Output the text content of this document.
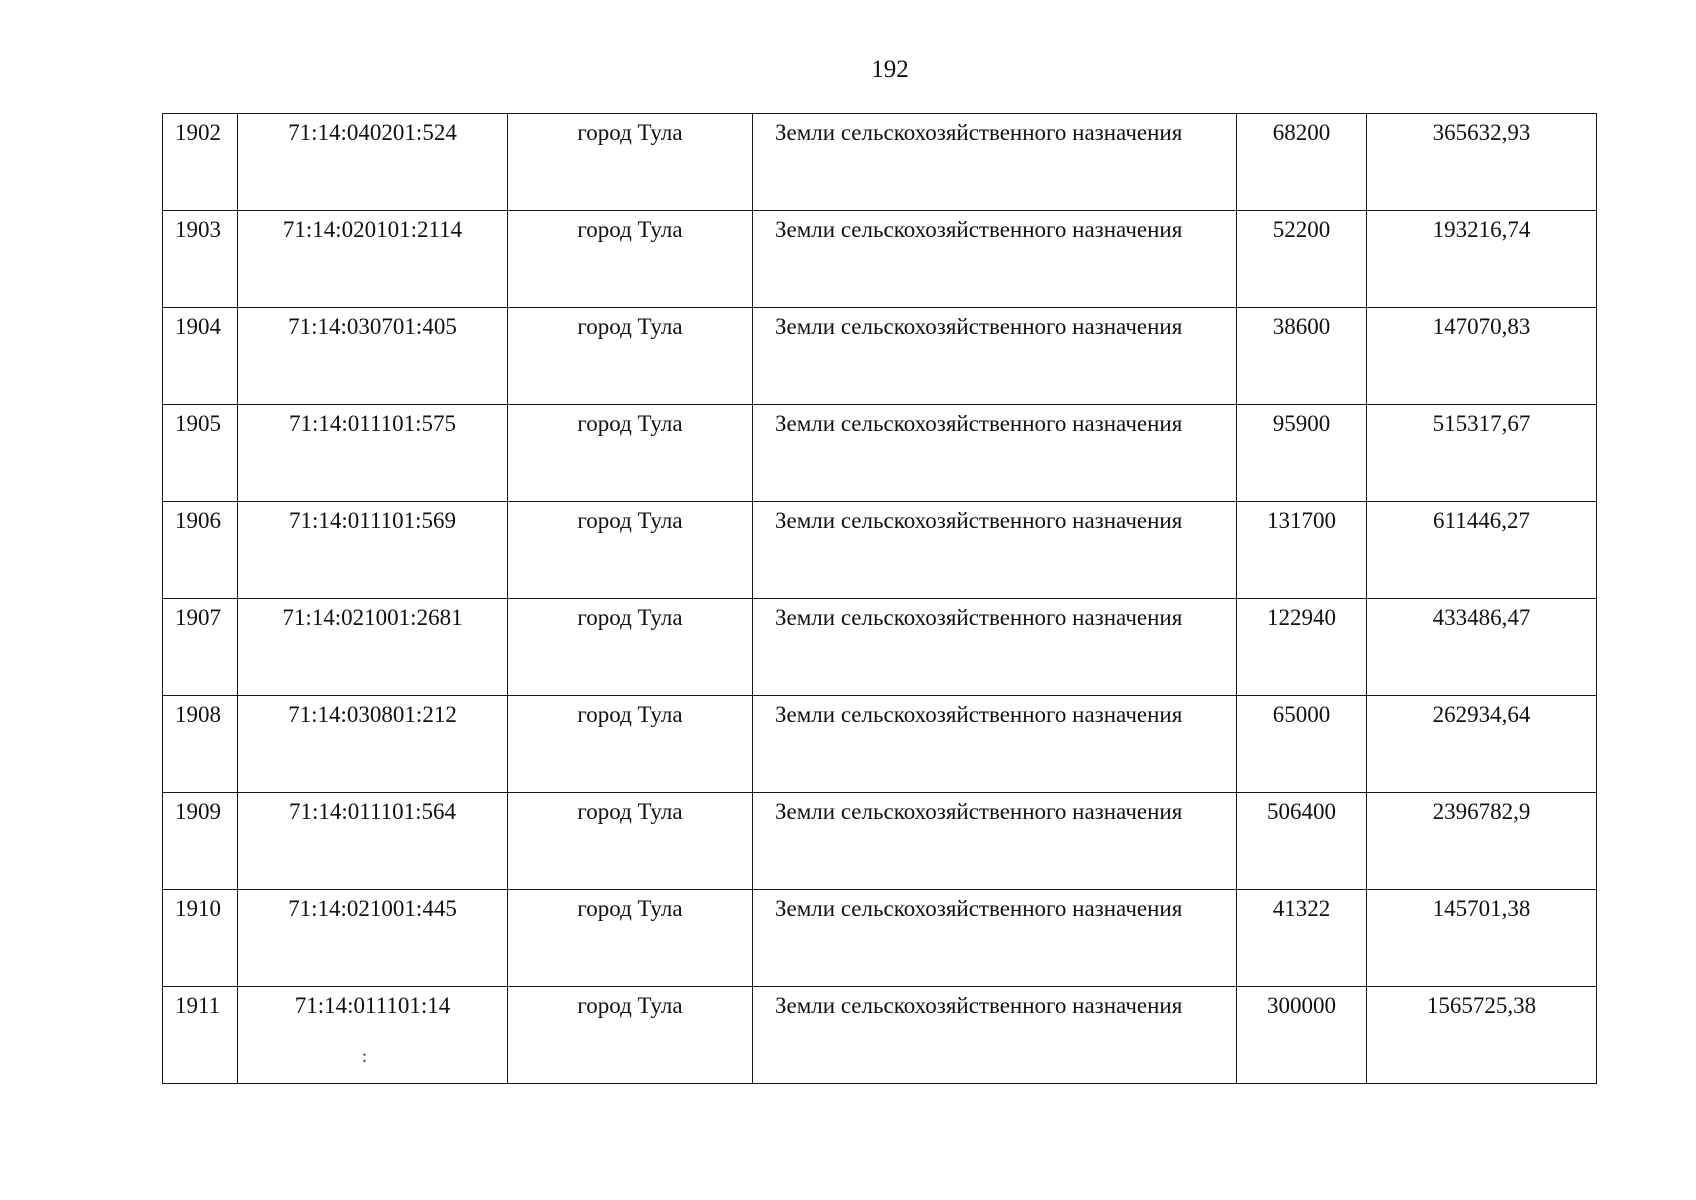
192
1902	71:14:040201:524	город Тула	Земли сельскохозяйственного назначения	68200	365632,93
1903	71:14:020101:2114	город Тула	Земли сельскохозяйственного назначения	52200	193216,74
1904	71:14:030701:405	город Тула	Земли сельскохозяйственного назначения	38600	147070,83
1905	71:14:011101:575	город Тула	Земли сельскохозяйственного назначения	95900	515317,67
1906	71:14:011101:569	город Тула	Земли сельскохозяйственного назначения	131700	611446,27
1907	71:14:021001:2681	город Тула	Земли сельскохозяйственного назначения	122940	433486,47
1908	71:14:030801:212	город Тула	Земли сельскохозяйственного назначения	65000	262934,64
1909	71:14:011101:564	город Тула	Земли сельскохозяйственного назначения	506400	2396782,9
1910	71:14:021001:445	город Тула	Земли сельскохозяйственного назначения	41322	145701,38
1911	71:14:011101:14	город Тула	Земли сельскохозяйственного назначения	300000	1565725,38
:
